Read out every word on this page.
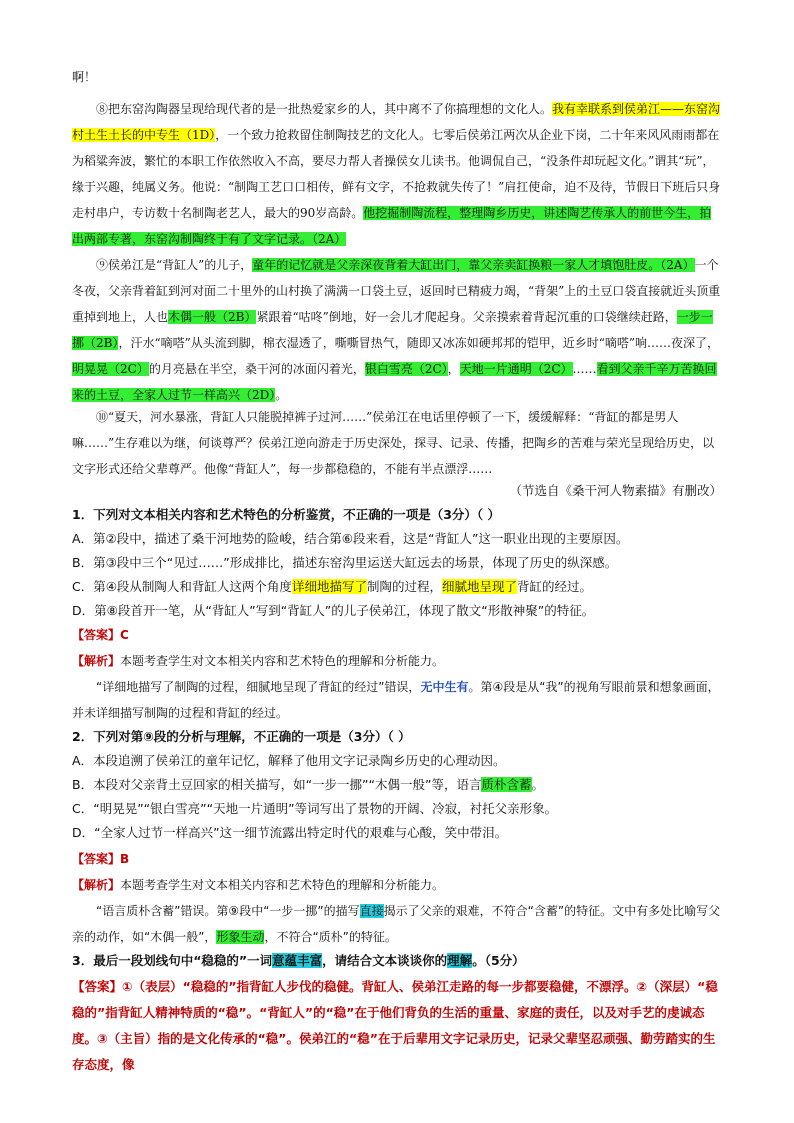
啊！

⑧把东窑沟陶器呈现给现代者的是一批热爱家乡的人，其中离不了你搞理想的文化人。我有幸联系到侯弟江——东窑沟村土生土长的中专生（1D），一个致力抢救留住制陶技艺的文化人。七零后侯弟江两次从企业下岗，二十年来风风雨雨都在为稻粱奔波，繁忙的本职工作依然收入不高，要尽力帮人者操侯女儿读书。他调侃自己，“没条件却玩起文化。”谓其“玩”，缘于兴趣，纯属义务。他说：“制陶工艺口口相传，鲜有文字，不抢救就失传了！”肩扛使命，迫不及待，节假日下班后只身走村串户，专访数十名制陶老艺人，最大的90岁高龄。他挖掘制陶流程，整理陶乡历史，讲述陶艺传承人的前世今生，拍出两部专著，东窑沟制陶终于有了文字记录。（2A）

⑨侯弟江是“背缸人”的儿子，童年的记忆就是父亲深夜背着大缸出门，靠父亲卖缸换粮一家人才填饱肚皮。（2A）一个冬夜，父亲背着缸到河对面二十里外的山村换了满满一口袋土豆，返回时已精疲力竭，“背架”上的土豆口袋直接就近头顶重重掉到地上，人也木偶一般（2B）紧跟着“咕咚”倒地，好一会儿才爬起身。父亲摸索着背起沉重的口袋继续赶路，一步一挪（2B），汗水“嘀嗒”从头流到脚，棉衣湿透了，嘶嘶冒热气，随即又冰冻如硬邦邦的铠甲，近乡时“嘀嗒”响……夜深了，明晃晃（2C）的月亮悬在半空，桑干河的冰面闪着光，银白雪亮（2C），天地一片通明（2C）……看到父亲千辛万苦换回来的土豆，全家人过节一样高兴（2D）。

⑩“夏天，河水暴涨，背缸人只能脱掉裤子过河……”侯弟江在电话里停顿了一下，缓缓解释：“背缸的都是男人嘛……”生存难以为继，何谈尊严？侯弟江逆向游走于历史深处，探寻、记录、传播，把陶乡的苦难与荣光呈现给历史，以文字形式还给父辈尊严。他像“背缸人”，每一步都稳稳的，不能有半点漂浮……

（节选自《桑干河人物素描》有删改）

1．下列对文本相关内容和艺术特色的分析鉴赏，不正确的一项是（3分）（ ）

A．第②段中，描述了桑干河地势的险峻，结合第⑥段来看，这是“背缸人”这一职业出现的主要原因。

B．第③段中三个“见过……”形成排比，描述东窑沟里运送大缸远去的场景，体现了历史的纵深感。

C．第④段从制陶人和背缸人这两个角度详细地描写了制陶的过程，细腻地呈现了背缸的经过。

D．第⑧段首开一笔，从“背缸人”写到“背缸人”的儿子侯弟江，体现了散文“形散神聚”的特征。

【答案】C

【解析】本题考查学生对文本相关内容和艺术特色的理解和分析能力。

“详细地描写了制陶的过程，细腻地呈现了背缸的经过”错误，无中生有。第④段是从“我”的视角写眼前景和想象画面，并未详细描写制陶的过程和背缸的经过。

2．下列对第⑨段的分析与理解，不正确的一项是（3分）（ ）

A．本段追溯了侯弟江的童年记忆，解释了他用文字记录陶乡历史的心理动因。

B．本段对父亲背土豆回家的相关描写，如“一步一挪”“木偶一般”等，语言质朴含蓄。

C．“明晃晃”“银白雪亮”“天地一片通明”等词写出了景物的开阔、冷寂，衬托父亲形象。

D．“全家人过节一样高兴”这一细节流露出特定时代的艰难与心酸，笑中带泪。

【答案】B

【解析】本题考查学生对文本相关内容和艺术特色的理解和分析能力。

“语言质朴含蓄”错误。第⑨段中“一步一挪”的描写直接揭示了父亲的艰难，不符合“含蓄”的特征。文中有多处比喻写父亲的动作，如“木偶一般”，形象生动，不符合“质朴”的特征。

3．最后一段划线句中“稳稳的”一词意蕴丰富，请结合文本谈谈你的理解。（5分）

【答案】①（表层）“稳稳的”指背缸人步伐的稳健。背缸人、侯弟江走路的每一步都要稳健，不漂浮。②（深层）“稳稳的”指背缸人精神特质的“稳”。“背缸人”的“稳”在于他们背负的生活的重量、家庭的责任，以及对手艺的虔诚态度。③（主旨）指的是文化传承的“稳”。侯弟江的“稳”在于后辈用文字记录历史，记录父辈坚忍顽强、勤劳踏实的生存态度，像
